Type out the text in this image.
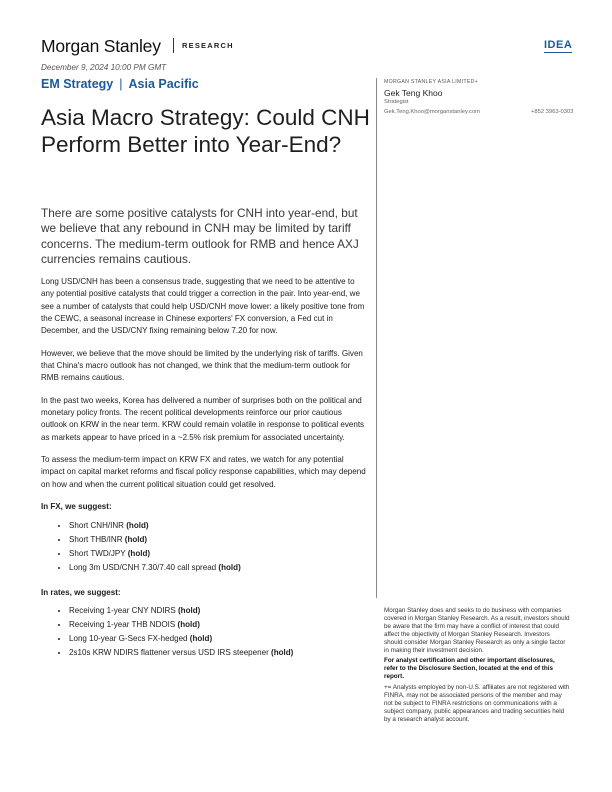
Morgan Stanley	RESEARCH	IDEA
December 9, 2024 10:00 PM GMT
EM Strategy | Asia Pacific
Asia Macro Strategy: Could CNH Perform Better into Year-End?

There are some positive catalysts for CNH into year-end, but we believe that any rebound in CNH may be limited by tariff concerns. The medium-term outlook for RMB and hence AXJ currencies remains cautious.

Long USD/CNH has been a consensus trade, suggesting that we need to be attentive to any potential positive catalysts that could trigger a correction in the pair. Into year-end, we see a number of catalysts that could help USD/CNH move lower: a likely positive tone from the CEWC, a seasonal increase in Chinese exporters' FX conversion, a Fed cut in December, and the USD/CNY fixing remaining below 7.20 for now.

However, we believe that the move should be limited by the underlying risk of tariffs. Given that China's macro outlook has not changed, we think that the medium-term outlook for RMB remains cautious.

In the past two weeks, Korea has delivered a number of surprises both on the political and monetary policy fronts. The recent political developments reinforce our prior cautious outlook on KRW in the near term. KRW could remain volatile in response to political events as markets appear to have priced in a ~2.5% risk premium for associated uncertainty.

To assess the medium-term impact on KRW FX and rates, we watch for any potential impact on capital market reforms and fiscal policy response capabilities, which may depend on how and when the current political situation could get resolved.

In FX, we suggest:
• Short CNH/INR (hold)
• Short THB/INR (hold)
• Short TWD/JPY (hold)
• Long 3m USD/CNH 7.30/7.40 call spread (hold)
In rates, we suggest:
• Receiving 1-year CNY NDIRS (hold)
• Receiving 1-year THB NDOIS (hold)
• Long 10-year G-Secs FX-hedged (hold)
• 2s10s KRW NDIRS flattener versus USD IRS steepener (hold)
MORGAN STANLEY ASIA LIMITED+
Gek Teng Khoo
Strategist
Gek.Teng.Khoo@morganstanley.com	+852 3963-0303

Morgan Stanley does and seeks to do business with companies covered in Morgan Stanley Research. As a result, investors should be aware that the firm may have a conflict of interest that could affect the objectivity of Morgan Stanley Research. Investors should consider Morgan Stanley Research as only a single factor in making their investment decision.

For analyst certification and other important disclosures, refer to the Disclosure Section, located at the end of this report.

+= Analysts employed by non-U.S. affiliates are not registered with FINRA, may not be associated persons of the member and may not be subject to FINRA restrictions on communications with a subject company, public appearances and trading securities held by a research analyst account.
